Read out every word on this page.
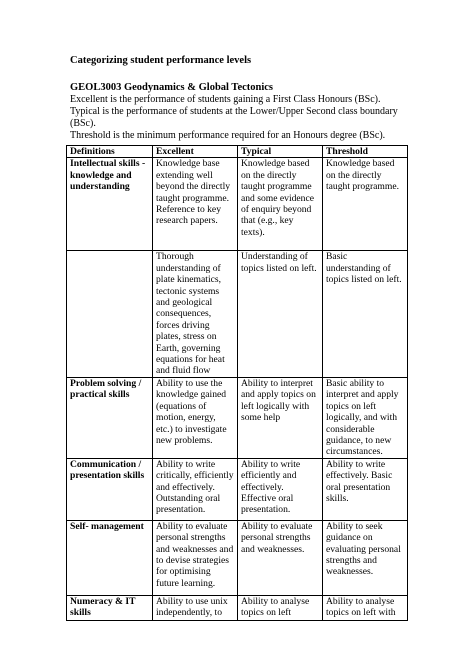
Categorizing student performance levels

GEOL3003 Geodynamics & Global Tectonics

Excellent is the performance of students gaining a First Class Honours (BSc).

Typical is the performance of students at the Lower/Upper Second class boundary (BSc).

Threshold is the minimum performance required for an Honours degree (BSc).

Definitions	Excellent	Typical	Threshold
Intellectual skills - knowledge and understanding	Knowledge base extending well beyond the directly taught programme. Reference to key research papers.	Knowledge based on the directly taught programme and some evidence of enquiry beyond that (e.g., key texts).	Knowledge based on the directly taught programme.
	Thorough understanding of plate kinematics, tectonic systems and geological consequences, forces driving plates, stress on Earth, governing equations for heat and fluid flow	Understanding of topics listed on left.	Basic understanding of topics listed on left.
Problem solving / practical skills	Ability to use the knowledge gained (equations of motion, energy, etc.) to investigate new problems.	Ability to interpret and apply topics on left logically with some help	Basic ability to interpret and apply topics on left logically, and with considerable guidance, to new circumstances.
Communication / presentation skills	Ability to write critically, efficiently and effectively. Outstanding oral presentation.	Ability to write efficiently and effectively. Effective oral presentation.	Ability to write effectively. Basic oral presentation skills.
Self- management	Ability to evaluate personal strengths and weaknesses and to devise strategies for optimising future learning.	Ability to evaluate personal strengths and weaknesses.	Ability to seek guidance on evaluating personal strengths and weaknesses.
Numeracy & IT skills	Ability to use unix independently, to	Ability to analyse topics on left	Ability to analyse topics on left with
